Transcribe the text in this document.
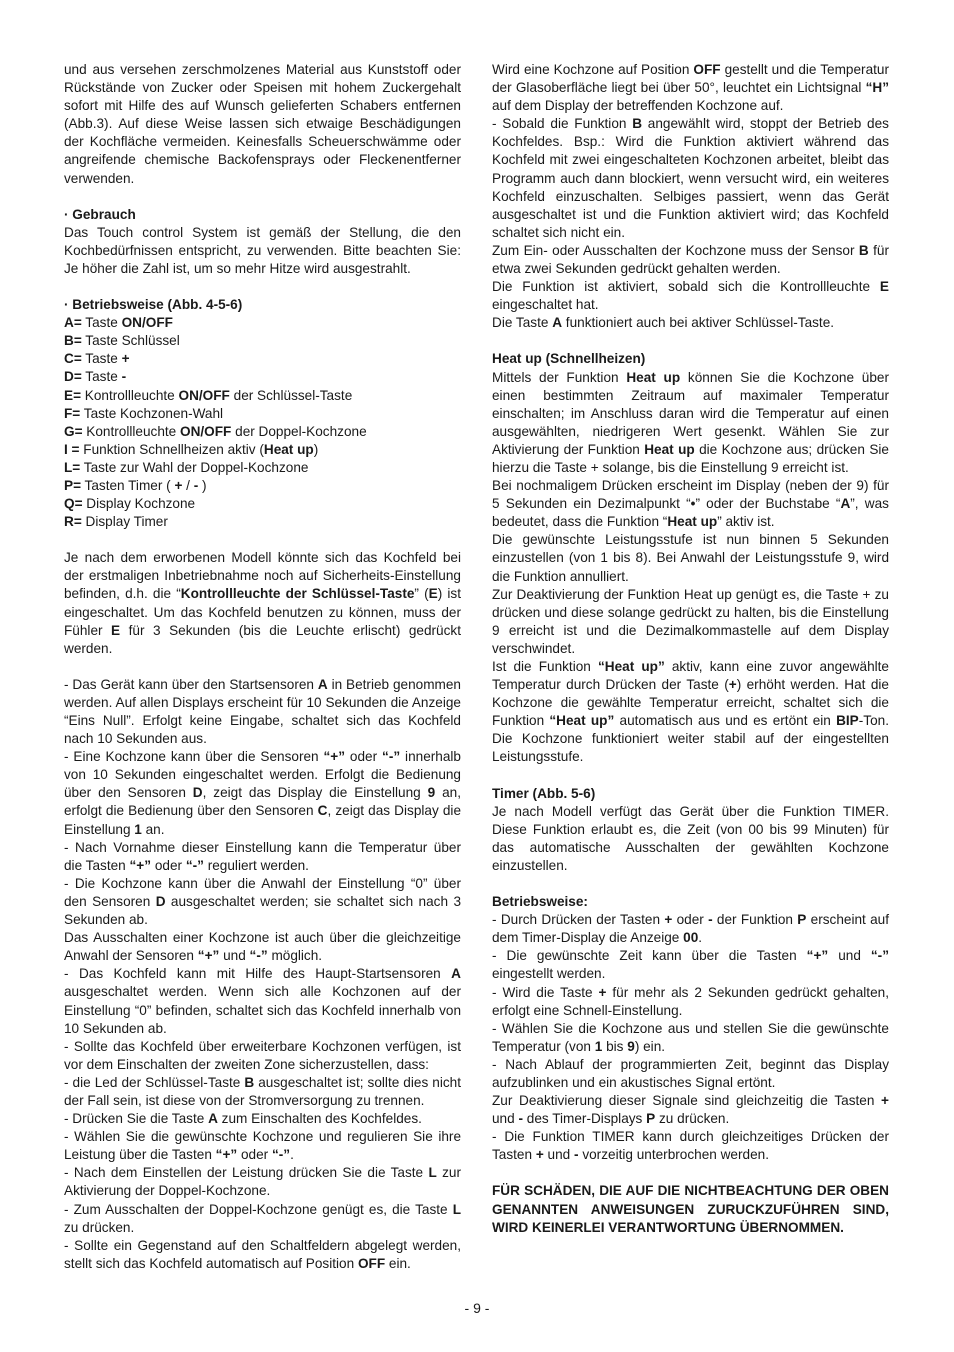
und aus versehen zerschmolzenes Material aus Kunststoff oder Rückstände von Zucker oder Speisen mit hohem Zuckergehalt sofort mit Hilfe des auf Wunsch gelieferten Schabers entfernen (Abb.3). Auf diese Weise lassen sich etwaige Beschädigungen der Kochfläche vermeiden. Keinesfalls Scheuerschwämme oder angreifende chemische Backofensprays oder Fleckenentferner verwenden.

· Gebrauch

Das Touch control System ist gemäß der Stellung, die den Kochbedürfnissen entspricht, zu verwenden. Bitte beachten Sie: Je höher die Zahl ist, um so mehr Hitze wird ausgestrahlt.

· Betriebsweise (Abb. 4-5-6)

A= Taste ON/OFF

B= Taste Schlüssel

C= Taste +

D= Taste -

E= Kontrollleuchte ON/OFF der Schlüssel-Taste

F= Taste Kochzonen-Wahl

G= Kontrollleuchte ON/OFF der Doppel-Kochzone

I = Funktion Schnellheizen aktiv (Heat up)

L= Taste zur Wahl der Doppel-Kochzone

P= Tasten Timer ( + / - )

Q= Display Kochzone

R= Display Timer

Je nach dem erworbenen Modell könnte sich das Kochfeld bei der erstmaligen Inbetriebnahme noch auf Sicherheits-Einstellung befinden, d.h. die “Kontrollleuchte der Schlüssel-Taste” (E) ist eingeschaltet. Um das Kochfeld benutzen zu können, muss der Fühler E für 3 Sekunden (bis die Leuchte erlischt) gedrückt werden.

- Das Gerät kann über den Startsensoren A in Betrieb genommen werden. Auf allen Displays erscheint für 10 Sekunden die Anzeige “Eins Null”. Erfolgt keine Eingabe, schaltet sich das Kochfeld nach 10 Sekunden aus.

- Eine Kochzone kann über die Sensoren “+” oder “-” innerhalb von 10 Sekunden eingeschaltet werden. Erfolgt die Bedienung über den Sensoren D, zeigt das Display die Einstellung 9 an, erfolgt die Bedienung über den Sensoren C, zeigt das Display die Einstellung 1 an.

- Nach Vornahme dieser Einstellung kann die Temperatur über die Tasten “+” oder “-” reguliert werden.

- Die Kochzone kann über die Anwahl der Einstellung “0” über den Sensoren D ausgeschaltet werden; sie schaltet sich nach 3 Sekunden ab.

Das Ausschalten einer Kochzone ist auch über die gleichzeitige Anwahl der Sensoren “+” und “-” möglich.

- Das Kochfeld kann mit Hilfe des Haupt-Startsensoren A ausgeschaltet werden. Wenn sich alle Kochzonen auf der Einstellung “0” befinden, schaltet sich das Kochfeld innerhalb von 10 Sekunden ab.

- Sollte das Kochfeld über erweiterbare Kochzonen verfügen, ist vor dem Einschalten der zweiten Zone sicherzustellen, dass:

- die Led der Schlüssel-Taste B ausgeschaltet ist; sollte dies nicht der Fall sein, ist diese von der Stromversorgung zu trennen.

- Drücken Sie die Taste A zum Einschalten des Kochfeldes.

- Wählen Sie die gewünschte Kochzone und regulieren Sie ihre Leistung über die Tasten “+” oder “-”.

- Nach dem Einstellen der Leistung drücken Sie die Taste L zur Aktivierung der Doppel-Kochzone.

- Zum Ausschalten der Doppel-Kochzone genügt es, die Taste L zu drücken.

- Sollte ein Gegenstand auf den Schaltfeldern abgelegt werden, stellt sich das Kochfeld automatisch auf Position OFF ein.

Wird eine Kochzone auf Position OFF gestellt und die Temperatur der Glasoberfläche liegt bei über 50°, leuchtet ein Lichtsignal “H” auf dem Display der betreffenden Kochzone auf.

- Sobald die Funktion B angewählt wird, stoppt der Betrieb des Kochfeldes. Bsp.: Wird die Funktion aktiviert während das Kochfeld mit zwei eingeschalteten Kochzonen arbeitet, bleibt das Programm auch dann blockiert, wenn versucht wird, ein weiteres Kochfeld einzuschalten. Selbiges passiert, wenn das Gerät ausgeschaltet ist und die Funktion aktiviert wird; das Kochfeld schaltet sich nicht ein.

Zum Ein- oder Ausschalten der Kochzone muss der Sensor B für etwa zwei Sekunden gedrückt gehalten werden.

Die Funktion ist aktiviert, sobald sich die Kontrollleuchte E eingeschaltet hat.

Die Taste A funktioniert auch bei aktiver Schlüssel-Taste.

Heat up (Schnellheizen)

Mittels der Funktion Heat up können Sie die Kochzone über einen bestimmten Zeitraum auf maximaler Temperatur einschalten; im Anschluss daran wird die Temperatur auf einen ausgewählten, niedrigeren Wert gesenkt. Wählen Sie zur Aktivierung der Funktion Heat up die Kochzone aus; drücken Sie hierzu die Taste + solange, bis die Einstellung 9 erreicht ist.

Bei nochmaligem Drücken erscheint im Display (neben der 9) für 5 Sekunden ein Dezimalpunkt “•” oder der Buchstabe “A”, was bedeutet, dass die Funktion “Heat up” aktiv ist.

Die gewünschte Leistungsstufe ist nun binnen 5 Sekunden einzustellen (von 1 bis 8). Bei Anwahl der Leistungsstufe 9, wird die Funktion annulliert.

Zur Deaktivierung der Funktion Heat up genügt es, die Taste + zu drücken und diese solange gedrückt zu halten, bis die Einstellung 9 erreicht ist und die Dezimalkommastelle auf dem Display verschwindet.

Ist die Funktion “Heat up” aktiv, kann eine zuvor angewählte Temperatur durch Drücken der Taste (+) erhöht werden. Hat die Kochzone die gewählte Temperatur erreicht, schaltet sich die Funktion “Heat up” automatisch aus und es ertönt ein BIP-Ton. Die Kochzone funktioniert weiter stabil auf der eingestellten Leistungsstufe.

Timer (Abb. 5-6)

Je nach Modell verfügt das Gerät über die Funktion TIMER. Diese Funktion erlaubt es, die Zeit (von 00 bis 99 Minuten) für das automatische Ausschalten der gewählten Kochzone einzustellen.

Betriebsweise:

- Durch Drücken der Tasten + oder - der Funktion P erscheint auf dem Timer-Display die Anzeige 00.

- Die gewünschte Zeit kann über die Tasten “+” und “-” eingestellt werden.

- Wird die Taste + für mehr als 2 Sekunden gedrückt gehalten, erfolgt eine Schnell-Einstellung.

- Wählen Sie die Kochzone aus und stellen Sie die gewünschte Temperatur (von 1 bis 9) ein.

- Nach Ablauf der programmierten Zeit, beginnt das Display aufzublinken und ein akustisches Signal ertönt.

Zur Deaktivierung dieser Signale sind gleichzeitig die Tasten + und - des Timer-Displays P zu drücken.

- Die Funktion TIMER kann durch gleichzeitiges Drücken der Tasten + und - vorzeitig unterbrochen werden.

FÜR SCHÄDEN, DIE AUF DIE NICHTBEACHTUNG DER OBEN GENANNTEN ANWEISUNGEN ZURUCKZUFÜHREN SIND, WIRD KEINERLEI VERANTWORTUNG ÜBERNOMMEN.

- 9 -
